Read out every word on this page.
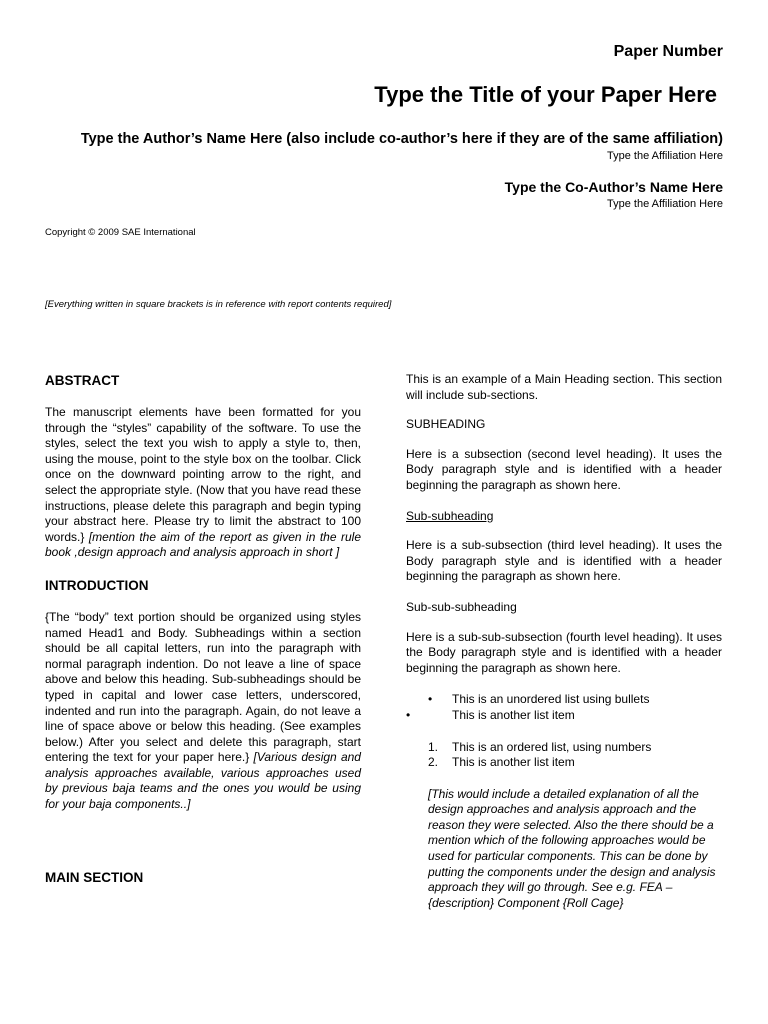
Paper Number
Type the Title of your Paper Here
Type the Author’s Name Here (also include co-author’s here if they are of the same affiliation)
Type the Affiliation Here
Type the Co-Author’s Name Here
Type the Affiliation Here
Copyright © 2009 SAE International
[Everything written in square brackets is in reference with report contents required]
ABSTRACT

The manuscript elements have been formatted for you through the “styles” capability of the software. To use the styles, select the text you wish to apply a style to, then, using the mouse, point to the style box on the toolbar. Click once on the downward pointing arrow to the right, and select the appropriate style. (Now that you have read these instructions, please delete this paragraph and begin typing your abstract here. Please try to limit the abstract to 100 words.} [mention the aim of the report as given in the rule book ,design approach and analysis approach in short ]

INTRODUCTION

{The “body” text portion should be organized using styles named Head1 and Body. Subheadings within a section should be all capital letters, run into the paragraph with normal paragraph indention. Do not leave a line of space above and below this heading. Sub-subheadings should be typed in capital and lower case letters, underscored, indented and run into the paragraph. Again, do not leave a line of space above or below this heading. (See examples below.) After you select and delete this paragraph, start entering the text for your paper here.} [Various design and analysis approaches available, various approaches used by previous baja teams and the ones you would be using for your baja components..]

MAIN SECTION

This is an example of a Main Heading section. This section will include sub-sections.

SUBHEADING

Here is a subsection (second level heading). It uses the Body paragraph style and is identified with a header beginning the paragraph as shown here.

Sub-subheading

Here is a sub-subsection (third level heading). It uses the Body paragraph style and is identified with a header beginning the paragraph as shown here.

Sub-sub-subheading

Here is a sub-sub-subsection (fourth level heading). It uses the Body paragraph style and is identified with a header beginning the paragraph as shown here.

• This is an unordered list using bullets
•	This is another list item
1. This is an ordered list, using numbers
2. This is another list item

[This would include a detailed explanation of all the design approaches and analysis approach and the reason they were selected. Also the there should be a mention which of the following approaches would be used for particular components. This can be done by putting the components under the design and analysis approach they will go through. See e.g. FEA – {description} Component {Roll Cage}
